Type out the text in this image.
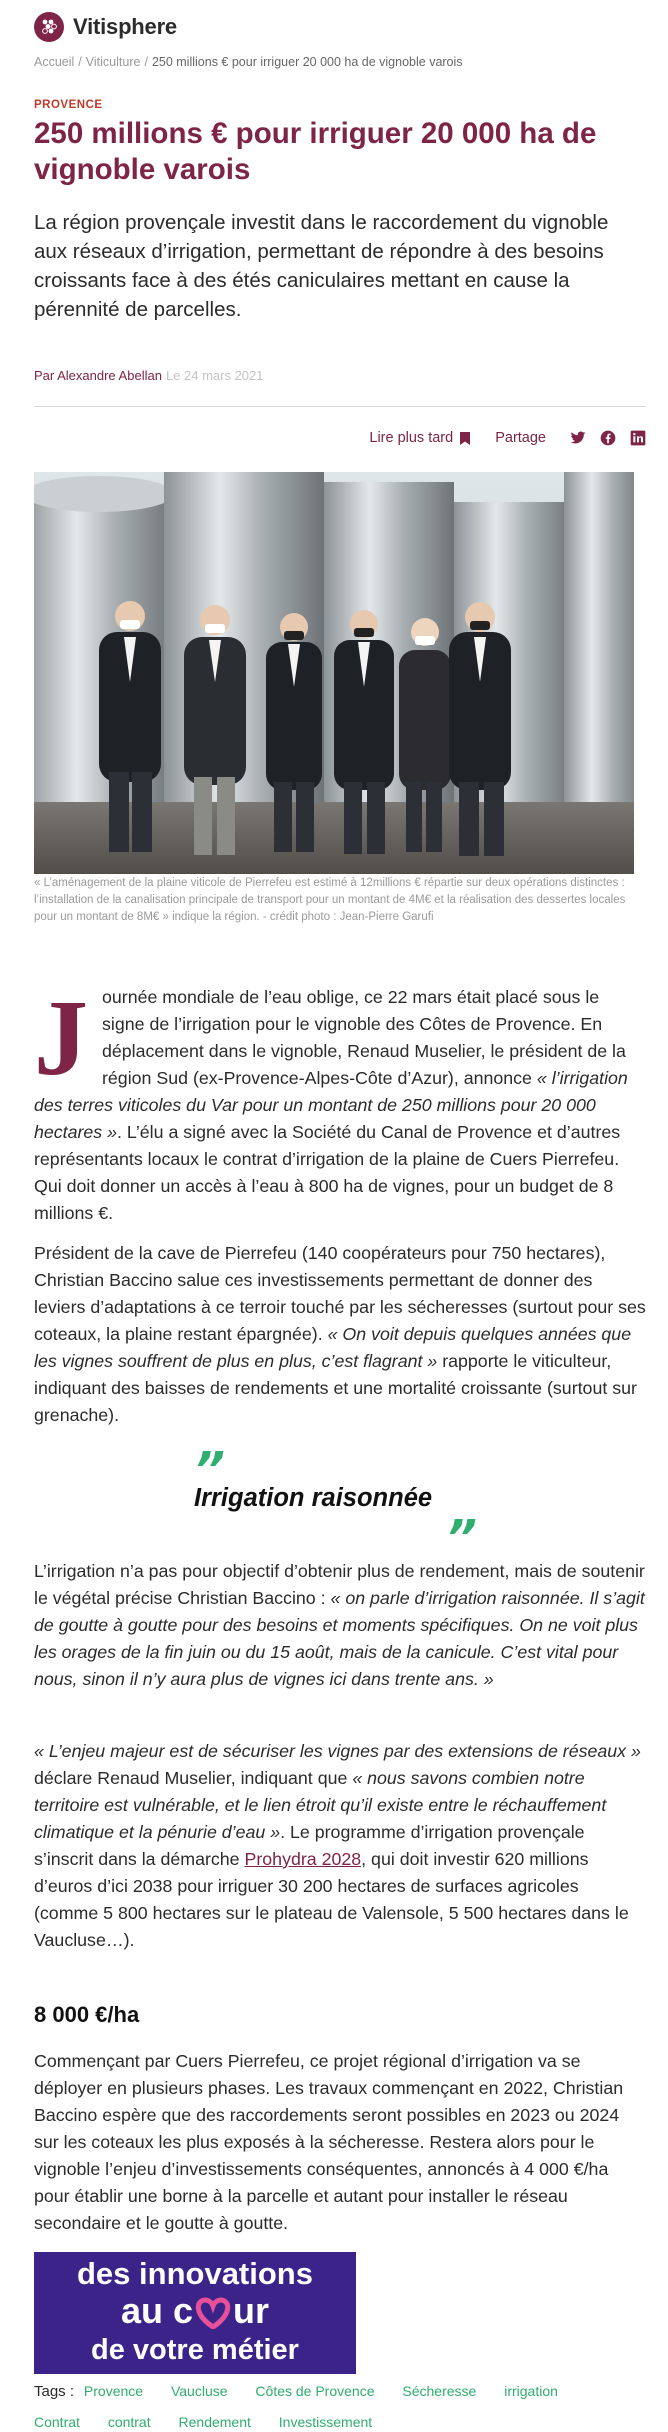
Vitisphere
Accueil / Viticulture / 250 millions € pour irriguer 20 000 ha de vignoble varois
PROVENCE
250 millions € pour irriguer 20 000 ha de vignoble varois

La région provençale investit dans le raccordement du vignoble aux réseaux d’irrigation, permettant de répondre à des besoins croissants face à des étés caniculaires mettant en cause la pérennité de parcelles.

Par Alexandre Abellan Le 24 mars 2021
Lire plus tard	Partage

« L’aménagement de la plaine viticole de Pierrefeu est estimé à 12millions € répartie sur deux opérations distinctes : l’installation de la canalisation principale de transport pour un montant de 4M€ et la réalisation des dessertes locales pour un montant de 8M€ » indique la région. - crédit photo : Jean-Pierre Garufi

Journée mondiale de l’eau oblige, ce 22 mars était placé sous le signe de l’irrigation pour le vignoble des Côtes de Provence. En déplacement dans le vignoble, Renaud Muselier, le président de la région Sud (ex-Provence-Alpes-Côte d’Azur), annonce « l’irrigation des terres viticoles du Var pour un montant de 250 millions pour 20 000 hectares ». L’élu a signé avec la Société du Canal de Provence et d’autres représentants locaux le contrat d’irrigation de la plaine de Cuers Pierrefeu. Qui doit donner un accès à l’eau à 800 ha de vignes, pour un budget de 8 millions €.
Président de la cave de Pierrefeu (140 coopérateurs pour 750 hectares), Christian Baccino salue ces investissements permettant de donner des leviers d’adaptations à ce terroir touché par les sécheresses (surtout pour ses coteaux, la plaine restant épargnée). « On voit depuis quelques années que les vignes souffrent de plus en plus, c’est flagrant » rapporte le viticulteur, indiquant des baisses de rendements et une mortalité croissante (surtout sur grenache).
”
Irrigation raisonnée
”
L’irrigation n’a pas pour objectif d’obtenir plus de rendement, mais de soutenir le végétal précise Christian Baccino : « on parle d’irrigation raisonnée. Il s’agit de goutte à goutte pour des besoins et moments spécifiques. On ne voit plus les orages de la fin juin ou du 15 août, mais de la canicule. C’est vital pour nous, sinon il n’y aura plus de vignes ici dans trente ans. »
« L’enjeu majeur est de sécuriser les vignes par des extensions de réseaux » déclare Renaud Muselier, indiquant que « nous savons combien notre territoire est vulnérable, et le lien étroit qu’il existe entre le réchauffement climatique et la pénurie d’eau ». Le programme d’irrigation provençale s’inscrit dans la démarche Prohydra 2028, qui doit investir 620 millions d’euros d’ici 2038 pour irriguer 30 200 hectares de surfaces agricoles (comme 5 800 hectares sur le plateau de Valensole, 5 500 hectares dans le Vaucluse…).
8 000 €/ha
Commençant par Cuers Pierrefeu, ce projet régional d’irrigation va se déployer en plusieurs phases. Les travaux commençant en 2022, Christian Baccino espère que des raccordements seront possibles en 2023 ou 2024 sur les coteaux les plus exposés à la sécheresse. Restera alors pour le vignoble l’enjeu d’investissements conséquentes, annoncés à 4 000 €/ha pour établir une borne à la parcelle et autant pour installer le réseau secondaire et le goutte à goutte.
des innovations
au c ur
de votre métier
Tags : Provence Vaucluse Côtes de Provence Sécheresse irrigation Contrat contrat Rendement Investissement
